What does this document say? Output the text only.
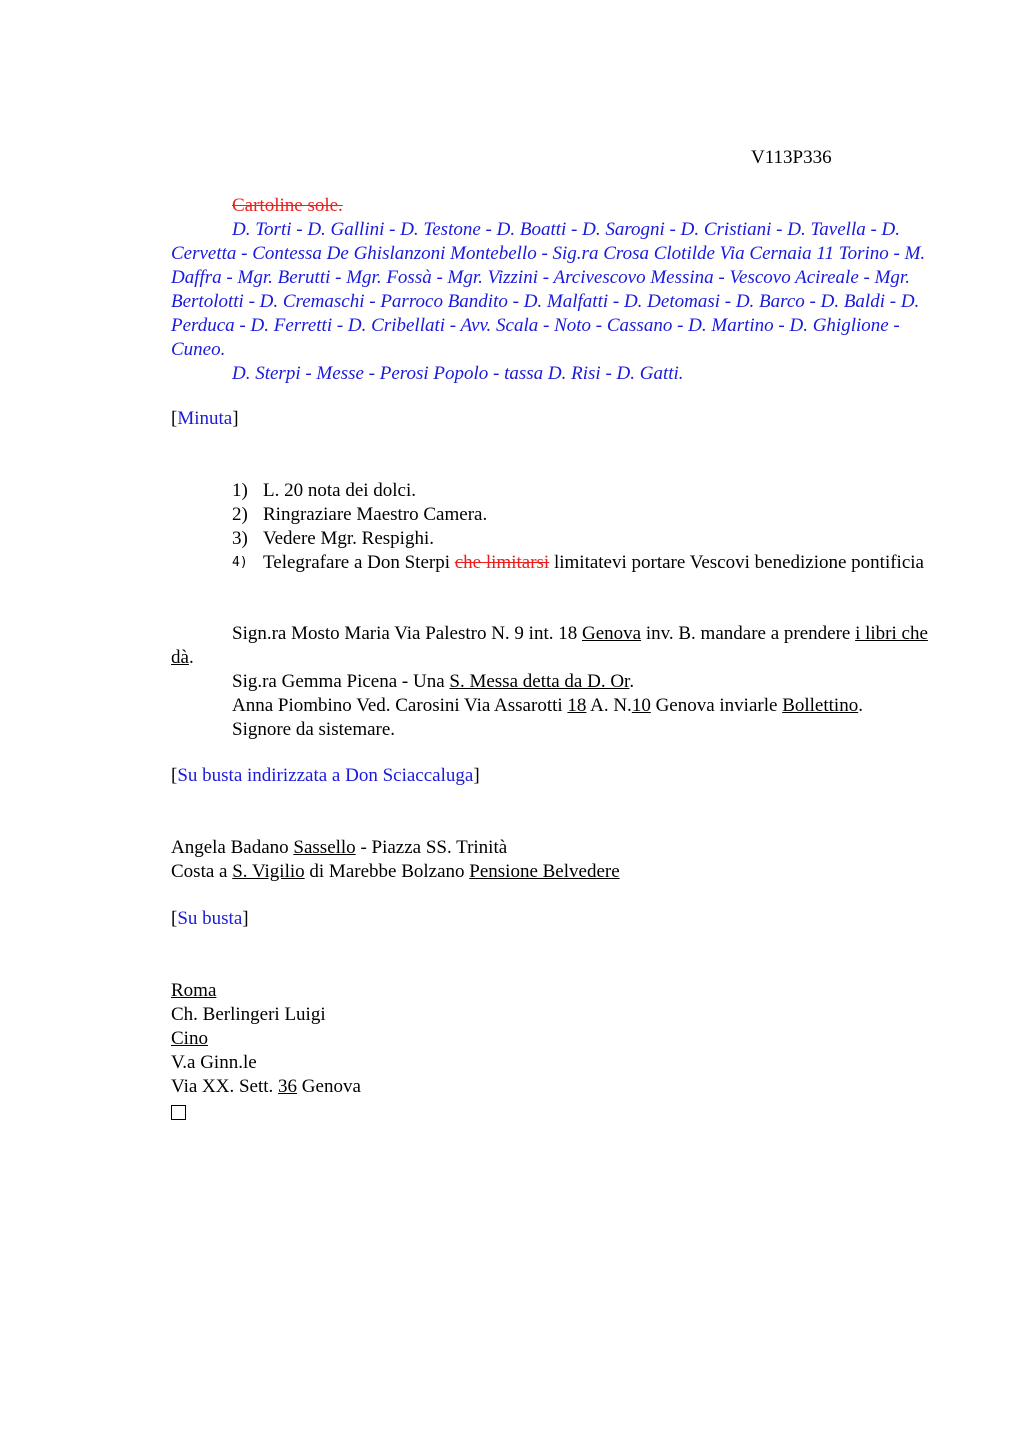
V113P336
Cartoline sole.
D. Torti - D. Gallini - D. Testone - D. Boatti - D. Sarogni - D. Cristiani - D. Tavella - D. Cervetta - Contessa De Ghislanzoni Montebello - Sig.ra Crosa Clotilde Via Cernaia 11 Torino - M. Daffra - Mgr. Berutti - Mgr. Fossà - Mgr. Vizzini - Arcivescovo Messina - Vescovo Acireale - Mgr. Bertolotti - D. Cremaschi - Parroco Bandito - D. Malfatti - D. Detomasi - D. Barco - D. Baldi - D. Perduca - D. Ferretti - D. Cribellati - Avv. Scala - Noto - Cassano - D. Martino - D. Ghiglione - Cuneo.
D. Sterpi - Messe - Perosi Popolo - tassa D. Risi - D. Gatti.
[Minuta]
1) L. 20 nota dei dolci.
2) Ringraziare Maestro Camera.
3) Vedere Mgr. Respighi.
4) Telegrafare a Don Sterpi che limitarsi limitatevi portare Vescovi benedizione pontificia
Sign.ra Mosto Maria Via Palestro N. 9 int. 18 Genova inv. B. mandare a prendere i libri che dà.
Sig.ra Gemma Picena - Una S. Messa detta da D. Or.
Anna Piombino Ved. Carosini Via Assarotti 18 A. N.10 Genova inviarle Bollettino.
Signore da sistemare.
[Su busta indirizzata a Don Sciaccaluga]
Angela Badano Sassello - Piazza SS. Trinità
Costa a S. Vigilio di Marebbe Bolzano Pensione Belvedere
[Su busta]
Roma
Ch. Berlingeri Luigi
Cino
V.a Ginn.le
Via XX. Sett. 36 Genova
